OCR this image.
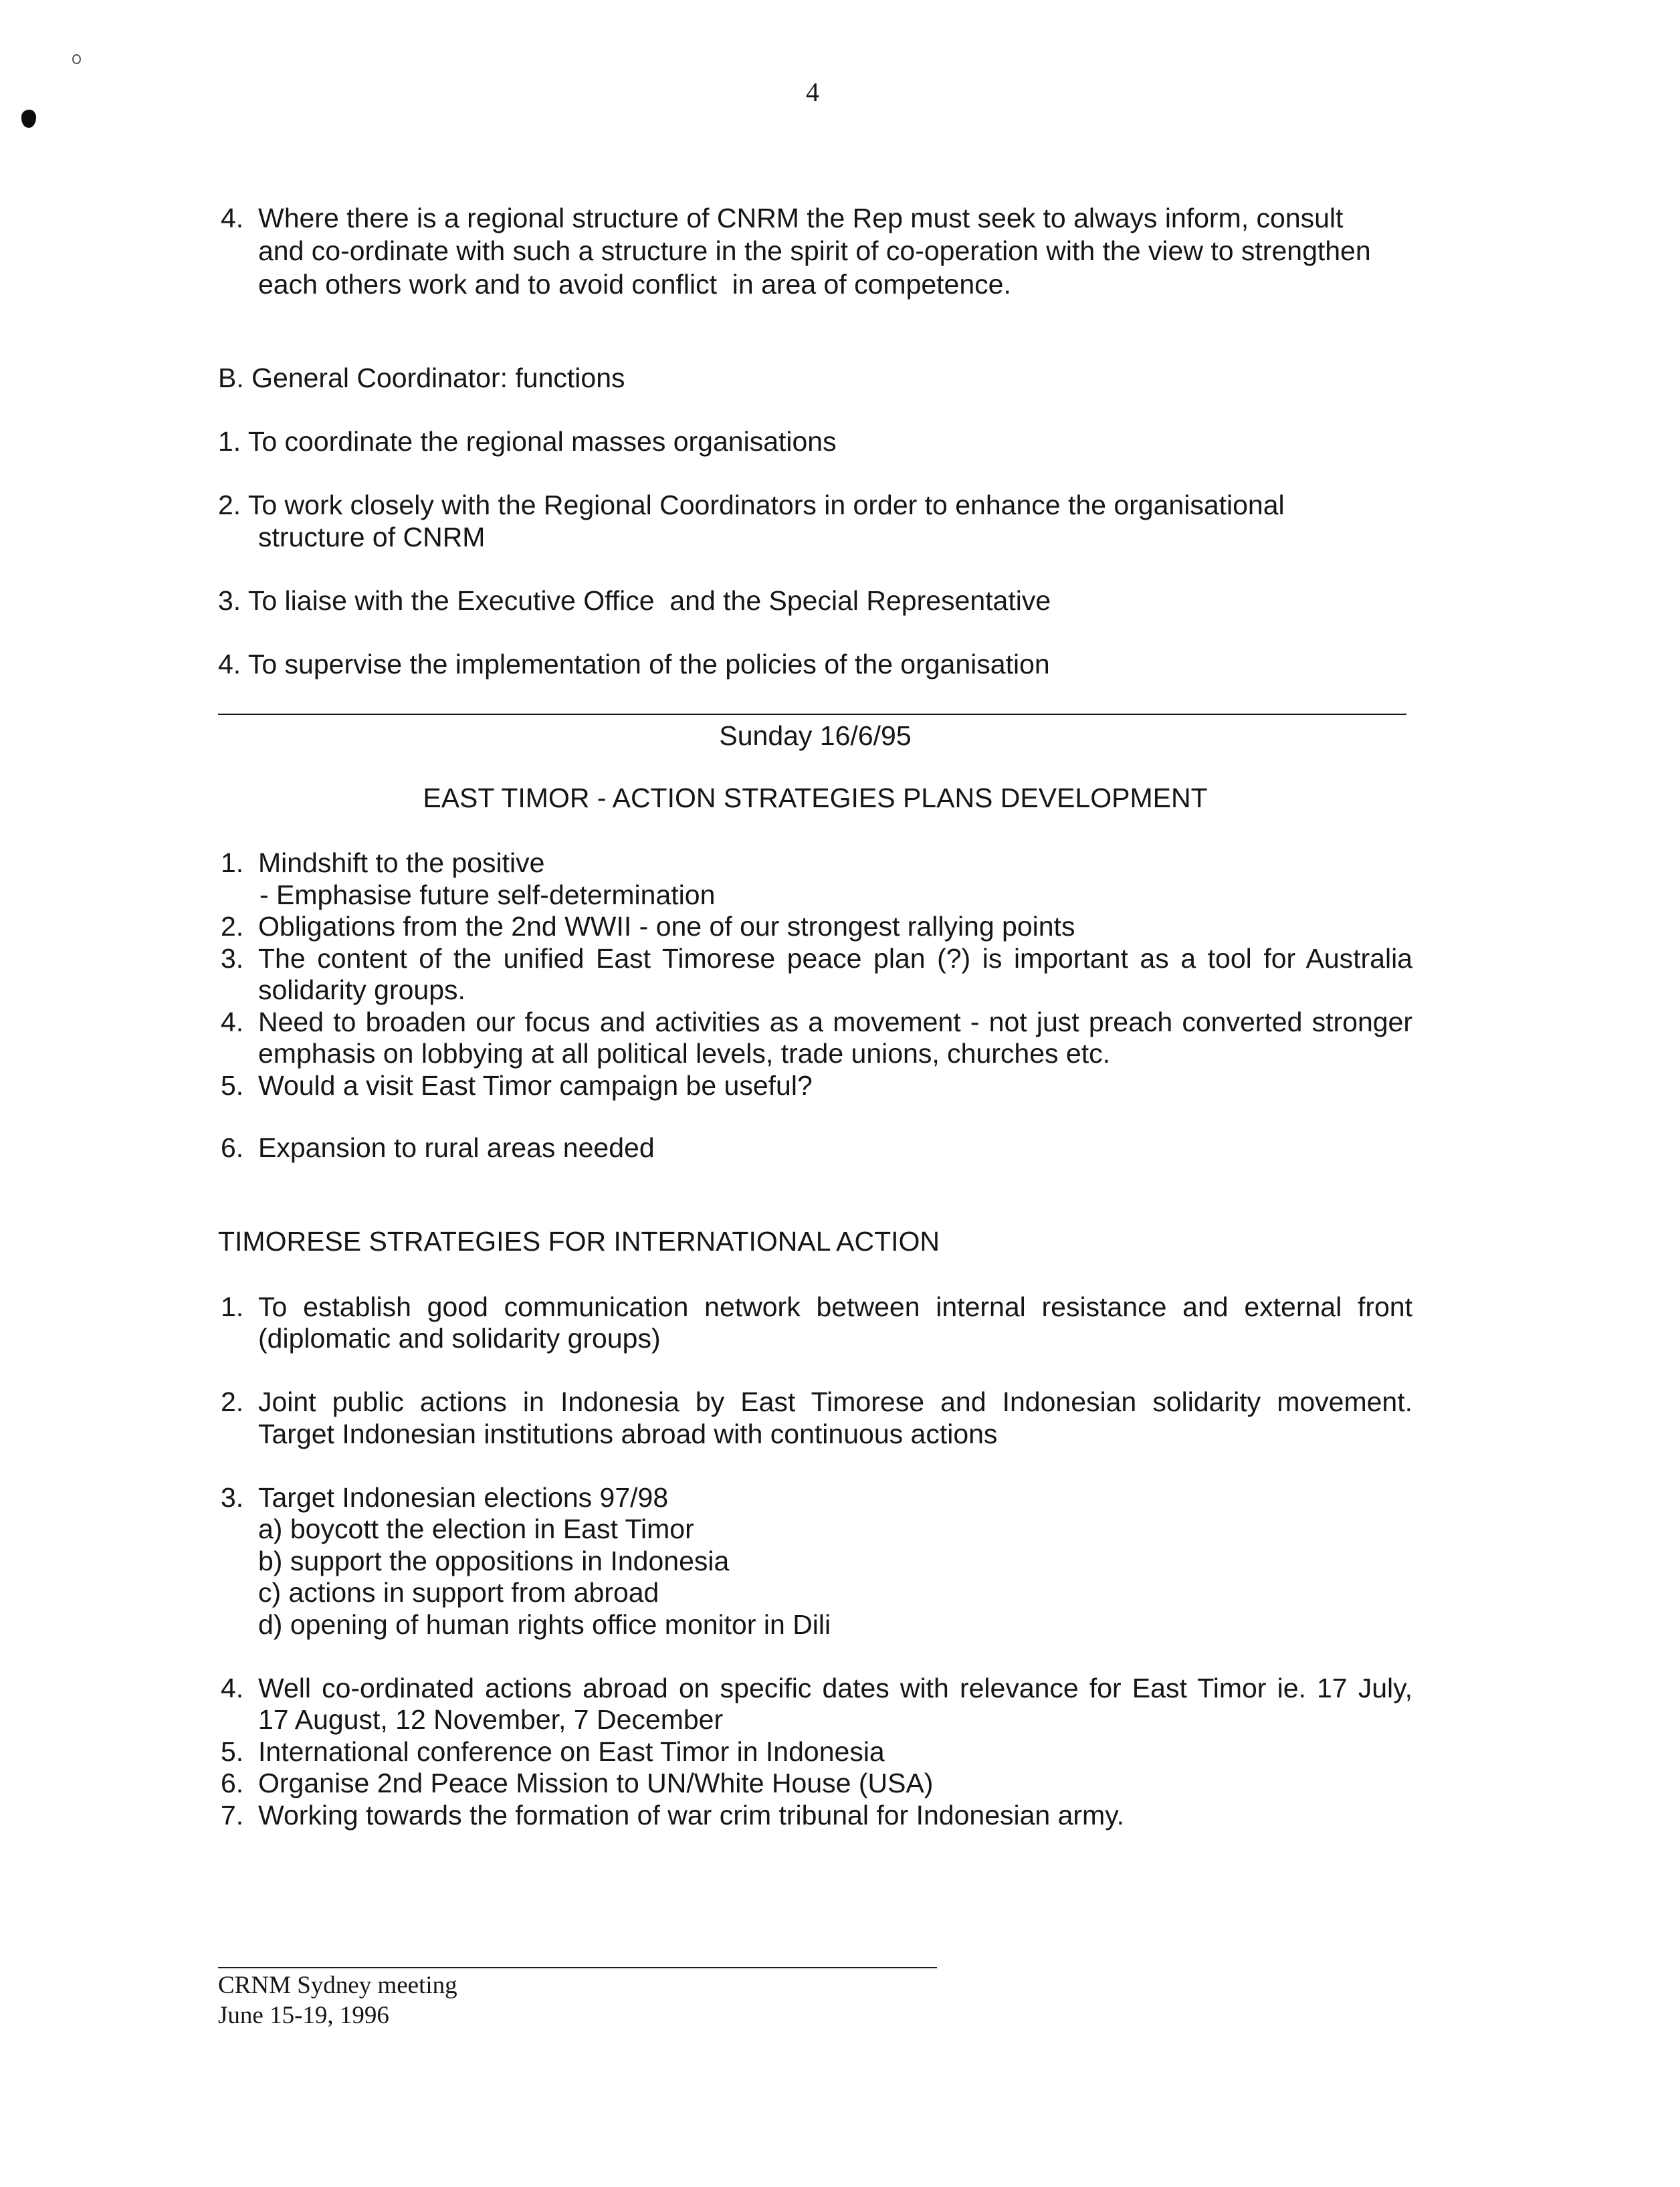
4
4. Where there is a regional structure of CNRM the Rep must seek to always inform, consult
and co-ordinate with such a structure in the spirit of co-operation with the view to strengthen
each others work and to avoid conflict  in area of competence.
B. General Coordinator: functions
1. To coordinate the regional masses organisations
2. To work closely with the Regional Coordinators in order to enhance the organisational
structure of CNRM
3. To liaise with the Executive Office  and the Special Representative
4. To supervise the implementation of the policies of the organisation
Sunday 16/6/95
EAST TIMOR - ACTION STRATEGIES PLANS DEVELOPMENT
1. Mindshift to the positive
- Emphasise future self-determination
2. Obligations from the 2nd WWII - one of our strongest rallying points
3. The content of the unified East Timorese peace plan (?) is important as a tool for Australia
solidarity groups.
4. Need to broaden our focus and activities as a movement - not just preach converted stronger
emphasis on lobbying at all political levels, trade unions, churches etc.
5. Would a visit East Timor campaign be useful?
6. Expansion to rural areas needed
TIMORESE STRATEGIES FOR INTERNATIONAL ACTION
1. To establish good communication network between internal resistance and external front
(diplomatic and solidarity groups)
2. Joint public actions in Indonesia by East Timorese and Indonesian solidarity movement.
Target Indonesian institutions abroad with continuous actions
3. Target Indonesian elections 97/98
a) boycott the election in East Timor
b) support the oppositions in Indonesia
c) actions in support from abroad
d) opening of human rights office monitor in Dili
4. Well co-ordinated actions abroad on specific dates with relevance for East Timor ie. 17 July,
17 August, 12 November, 7 December
5. International conference on East Timor in Indonesia
6. Organise 2nd Peace Mission to UN/White House (USA)
7. Working towards the formation of war crim tribunal for Indonesian army.
CRNM Sydney meeting
June 15-19, 1996
